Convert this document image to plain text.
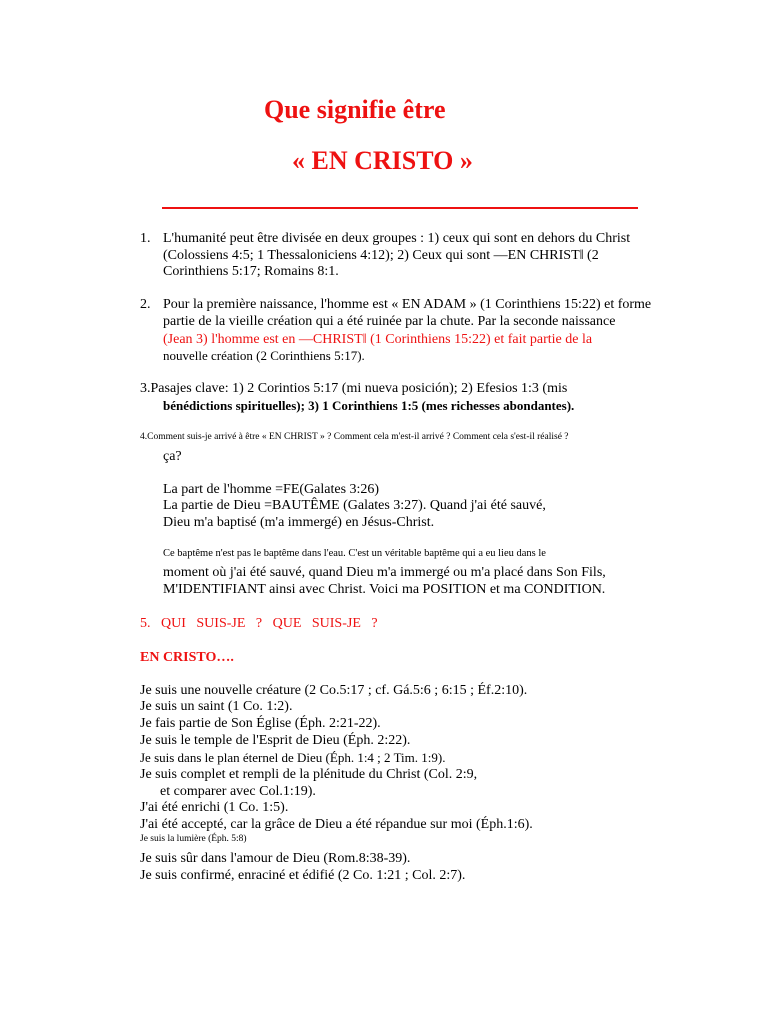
Que signifie être
« EN CRISTO »
1. L'humanité peut être divisée en deux groupes : 1) ceux qui sont en dehors du Christ
(Colossiens 4:5; 1 Thessaloniciens 4:12); 2) Ceux qui sont ―EN CHRIST‖ (2
Corinthiens 5:17; Romains 8:1.
2. Pour la première naissance, l'homme est « EN ADAM » (1 Corinthiens 15:22) et forme
partie de la vieille création qui a été ruinée par la chute. Par la seconde naissance
(Jean 3) l'homme est en ―CHRIST‖ (1 Corinthiens 15:22) et fait partie de la
nouvelle création (2 Corinthiens 5:17).
3.Pasajes clave: 1) 2 Corintios 5:17 (mi nueva posición); 2) Efesios 1:3 (mis
bénédictions spirituelles); 3) 1 Corinthiens 1:5 (mes richesses abondantes).
4.Comment suis-je arrivé à être « EN CHRIST » ? Comment cela m'est-il arrivé ? Comment cela s'est-il réalisé ?
ça?
La part de l'homme =FE(Galates 3:26)
La partie de Dieu =BAUTÊME (Galates 3:27). Quand j'ai été sauvé,
Dieu m'a baptisé (m'a immergé) en Jésus-Christ.
Ce baptême n'est pas le baptême dans l'eau. C'est un véritable baptême qui a eu lieu dans le
moment où j'ai été sauvé, quand Dieu m'a immergé ou m'a placé dans Son Fils,
M'IDENTIFIANT ainsi avec Christ. Voici ma POSITION et ma CONDITION.
5.   QUI   SUIS-JE   ?   QUE   SUIS-JE   ?
EN CRISTO….
Je suis une nouvelle créature (2 Co.5:17 ; cf. Gá.5:6 ; 6:15 ; Éf.2:10).
Je suis un saint (1 Co. 1:2).
Je fais partie de Son Église (Éph. 2:21-22).
Je suis le temple de l'Esprit de Dieu (Éph. 2:22).
Je suis dans le plan éternel de Dieu (Éph. 1:4 ; 2 Tim. 1:9).
Je suis complet et rempli de la plénitude du Christ (Col. 2:9,
et comparer avec Col.1:19).
J'ai été enrichi (1 Co. 1:5).
J'ai été accepté, car la grâce de Dieu a été répandue sur moi (Éph.1:6).
Je suis la lumière (Éph. 5:8)
Je suis sûr dans l'amour de Dieu (Rom.8:38-39).
Je suis confirmé, enraciné et édifié (2 Co. 1:21 ; Col. 2:7).
